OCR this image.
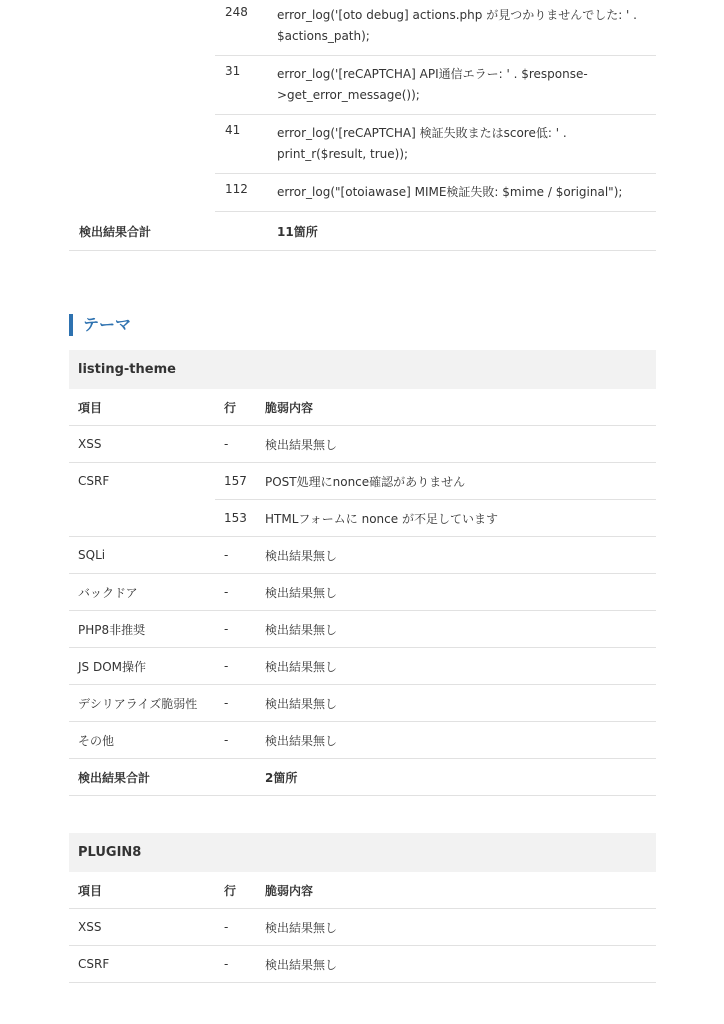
	248	error_log('[oto debug] actions.php が見つかりませんでした: ' . $actions_path);
	31	error_log('[reCAPTCHA] API通信エラー: ' . $response->get_error_message());
	41	error_log('[reCAPTCHA] 検証失敗またはscore低: ' . print_r($result, true));
	112	error_log("[otoiawase] MIME検証失敗: $mime / $original");
検出結果合計		11箇所
テーマ
listing-theme
項目	行	脆弱内容
XSS	-	検出結果無し
CSRF	157	POST処理にnonce確認がありません
	153	HTMLフォームに nonce が不足しています
SQLi	-	検出結果無し
バックドア	-	検出結果無し
PHP8非推奨	-	検出結果無し
JS DOM操作	-	検出結果無し
デシリアライズ脆弱性	-	検出結果無し
その他	-	検出結果無し
検出結果合計		2箇所
PLUGIN8
項目	行	脆弱内容
XSS	-	検出結果無し
CSRF	-	検出結果無し
